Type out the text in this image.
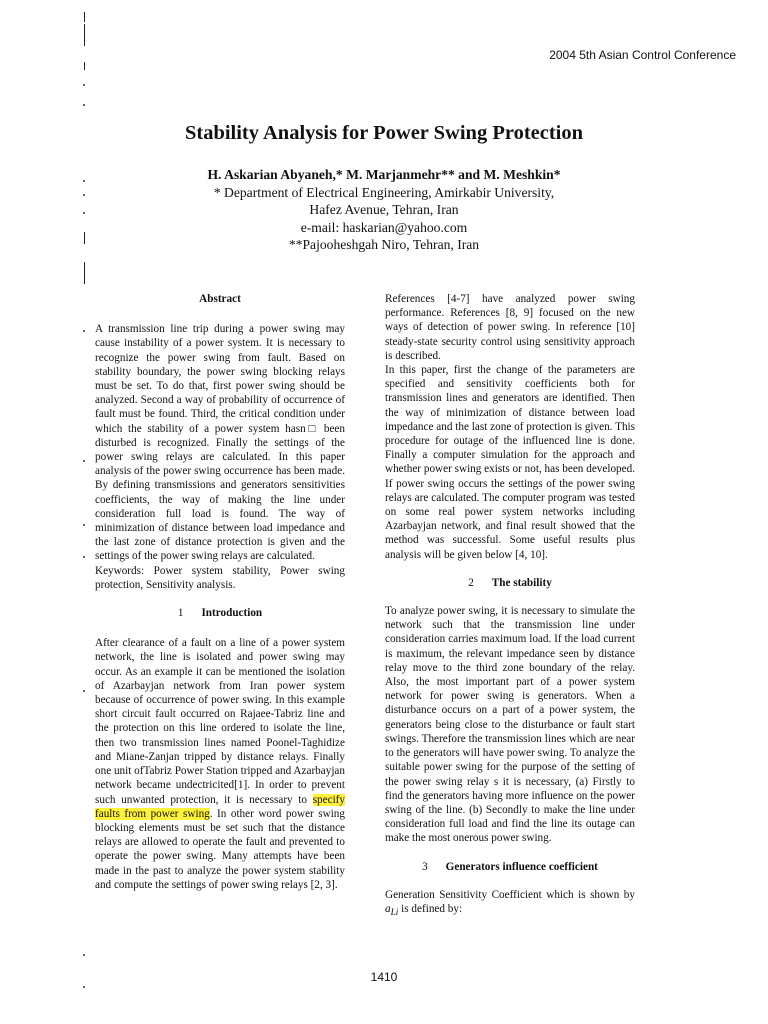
2004 5th Asian Control Conference
Stability Analysis for Power Swing Protection
H. Askarian Abyaneh,* M. Marjanmehr** and M. Meshkin*
* Department of Electrical Engineering, Amirkabir University,
Hafez Avenue, Tehran, Iran
e-mail: haskarian@yahoo.com
**Pajooheshgah Niro, Tehran, Iran
Abstract

A transmission line trip during a power swing may cause instability of a power system. It is necessary to recognize the power swing from fault. Based on stability boundary, the power swing blocking relays must be set. To do that, first power swing should be analyzed. Second a way of probability of occurrence of fault must be found. Third, the critical condition under which the stability of a power system hasn□ been disturbed is recognized. Finally the settings of the power swing relays are calculated. In this paper analysis of the power swing occurrence has been made. By defining transmissions and generators sensitivities coefficients, the way of making the line under consideration full load is found. The way of minimization of distance between load impedance and the last zone of distance protection is given and the settings of the power swing relays are calculated.

Keywords: Power system stability, Power swing protection, Sensitivity analysis.

1 Introduction

After clearance of a fault on a line of a power system network, the line is isolated and power swing may occur. As an example it can be mentioned the isolation of Azarbayjan network from Iran power system because of occurrence of power swing. In this example short circuit fault occurred on Rajaee-Tabriz line and the protection on this line ordered to isolate the line, then two transmission lines named Poonel-Taghidize and Miane-Zanjan tripped by distance relays. Finally one unit ofTabriz Power Station tripped and Azarbayjan network became undectricited[1]. In order to prevent such unwanted protection, it is necessary to specify faults from power swing. In other word power swing blocking elements must be set such that the distance relays are allowed to operate the fault and prevented to operate the power swing. Many attempts have been made in the past to analyze the power system stability and compute the settings of power swing relays [2, 3].

References [4-7] have analyzed power swing performance. References [8, 9] focused on the new ways of detection of power swing. In reference [10] steady-state security control using sensitivity approach is described.

In this paper, first the change of the parameters are specified and sensitivity coefficients both for transmission lines and generators are identified. Then the way of minimization of distance between load impedance and the last zone of protection is given. This procedure for outage of the influenced line is done. Finally a computer simulation for the approach and whether power swing exists or not, has been developed. If power swing occurs the settings of the power swing relays are calculated. The computer program was tested on some real power system networks including Azarbayjan network, and final result showed that the method was successful. Some useful results plus analysis will be given below [4, 10].

2 The stability

To analyze power swing, it is necessary to simulate the network such that the transmission line under consideration carries maximum load. If the load current is maximum, the relevant impedance seen by distance relay move to the third zone boundary of the relay. Also, the most important part of a power system network for power swing is generators. When a disturbance occurs on a part of a power system, the generators being close to the disturbance or fault start swings. Therefore the transmission lines which are near to the generators will have power swing. To analyze the suitable power swing for the purpose of the setting of the power swing relay s it is necessary, (a) Firstly to find the generators having more influence on the power swing of the line. (b) Secondly to make the line under consideration full load and find the line its outage can make the most onerous power swing.

3 Generators influence coefficient

Generation Sensitivity Coefficient which is shown by $a_{Li}$ is defined by:

1410
